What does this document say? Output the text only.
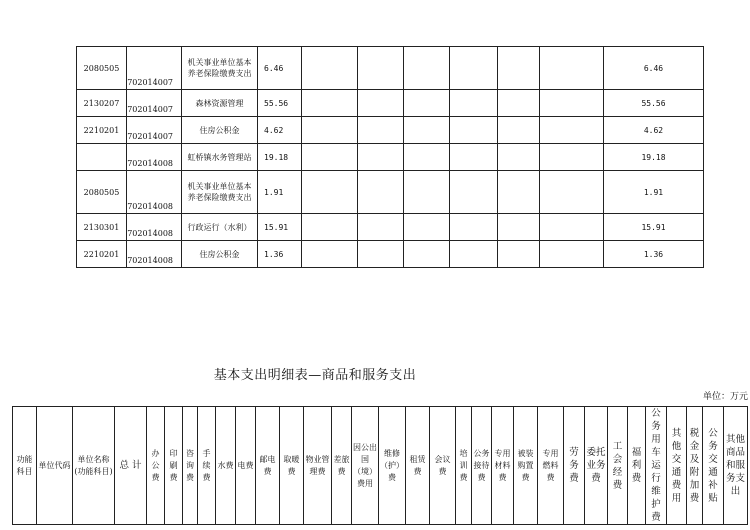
2080505	702014007	机关事业单位基本养老保险缴费支出	6.46							6.46
2130207	702014007	森林资源管理	55.56							55.56
2210201	702014007	住房公积金	4.62							4.62
	702014008	虹桥镇水务管理站	19.18							19.18
2080505	702014008	机关事业单位基本养老保险缴费支出	1.91							1.91
2130301	702014008	行政运行（水利）	15.91							15.91
2210201	702014008	住房公积金	1.36							1.36
基本支出明细表—商品和服务支出
单位：万元
功能科目	单位代码	单位名称(功能科目)	总 计	办公费	印刷费	咨询费	手续费	水费	电费	邮电费	取暖费	物业管理费	差旅费	因公出国（境）费用	维修（护）费	租赁费	会议费	培训费	公务接待费	专用材料费	被装购置费	专用燃料费	劳务费	委托业务费	工会经费	福利费	公务用车运行维护费	其他交通费用	税金及附加费	公务交通补贴	其他商品和服务支出
